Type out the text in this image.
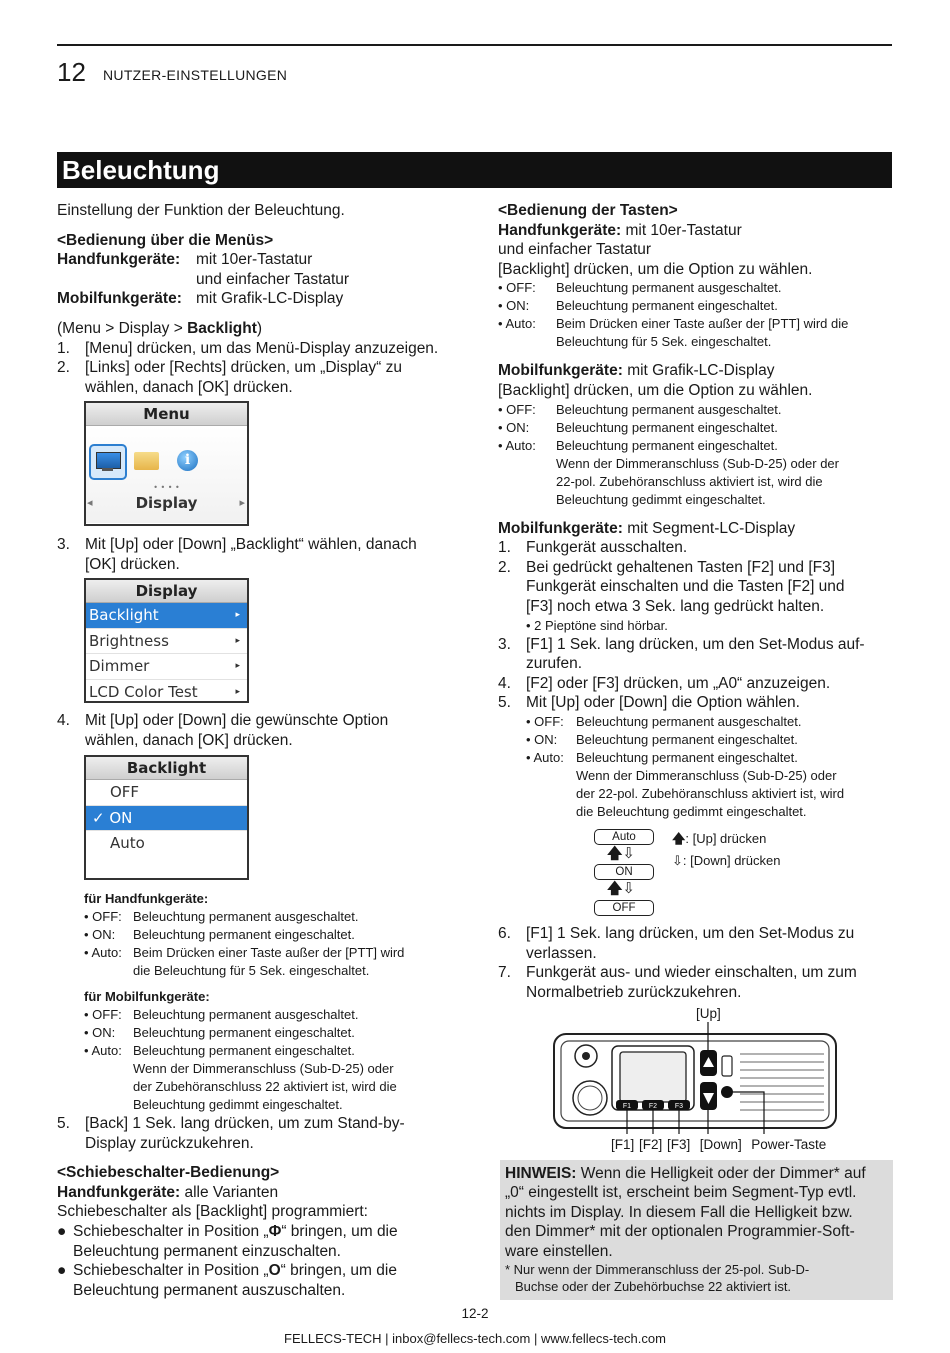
12 NUTZER-EINSTELLUNGEN
Beleuchtung

Einstellung der Funktion der Beleuchtung.

<Bedienung über die Menüs>

Handfunkgeräte:	mit 10er-Tastatur
und einfacher Tastatur
Mobilfunkgeräte: mit Grafik-LC-Display

(Menu > Display > Backlight)

1. [Menu] drücken, um das Menü-Display anzuzeigen.
2. [Links] oder [Rechts] drücken, um „Display“ zu
wählen, danach [OK] drücken.
Menu
i
• • • •
◂	Display	▸
3. Mit [Up] oder [Down] „Backlight“ wählen, danach
[OK] drücken.
Display
Backlight	▸
Brightness	▸
Dimmer	▸
LCD Color Test	▸
4. Mit [Up] oder [Down] die gewünschte Option
wählen, danach [OK] drücken.
Backlight
OFF
✓ ON
Auto
für Handfunkgeräte:
• OFF: Beleuchtung permanent ausgeschaltet.
• ON:	Beleuchtung permanent eingeschaltet.
• Auto: Beim Drücken einer Taste außer der [PTT] wird
die Beleuchtung für 5 Sek. eingeschaltet.
für Mobilfunkgeräte:
• OFF: Beleuchtung permanent ausgeschaltet.
• ON:	Beleuchtung permanent eingeschaltet.
• Auto: Beleuchtung permanent eingeschaltet.
Wenn der Dimmeranschluss (Sub-D-25) oder
der Zubehöranschluss 22 aktiviert ist, wird die
Beleuchtung gedimmt eingeschaltet.
5. [Back] 1 Sek. lang drücken, um zum Stand-by-
Display zurückzukehren.

<Schiebeschalter-Bedienung>

Handfunkgeräte: alle Varianten

Schiebeschalter als [Backlight] programmiert:

● Schiebeschalter in Position „Φ“ bringen, um die
Beleuchtung permanent einzuschalten.
● Schiebeschalter in Position „O“ bringen, um die
Beleuchtung permanent auszuschalten.

<Bedienung der Tasten>

Handfunkgeräte: mit 10er-Tastatur

und einfacher Tastatur

[Backlight] drücken, um die Option zu wählen.

• OFF:	Beleuchtung permanent ausgeschaltet.
• ON:	Beleuchtung permanent eingeschaltet.
• Auto:	Beim Drücken einer Taste außer der [PTT] wird die
Beleuchtung für 5 Sek. eingeschaltet.

Mobilfunkgeräte: mit Grafik-LC-Display

[Backlight] drücken, um die Option zu wählen.

• OFF:	Beleuchtung permanent ausgeschaltet.
• ON:	Beleuchtung permanent eingeschaltet.
• Auto:	Beleuchtung permanent eingeschaltet.
Wenn der Dimmeranschluss (Sub-D-25) oder der
22-pol. Zubehöranschluss aktiviert ist, wird die
Beleuchtung gedimmt eingeschaltet.

Mobilfunkgeräte: mit Segment-LC-Display

1. Funkgerät ausschalten.
2. Bei gedrückt gehaltenen Tasten [F2] und [F3]
Funkgerät einschalten und die Tasten [F2] und
[F3] noch etwa 3 Sek. lang gedrückt halten.
• 2 Pieptöne sind hörbar.
3. [F1] 1 Sek. lang drücken, um den Set-Modus auf-
zurufen.
4. [F2] oder [F3] drücken, um „A0“ anzuzeigen.
5. Mit [Up] oder [Down] die Option wählen.
• OFF: Beleuchtung permanent ausgeschaltet.
• ON:	Beleuchtung permanent eingeschaltet.
• Auto: Beleuchtung permanent eingeschaltet.
Wenn der Dimmeranschluss (Sub-D-25) oder
der 22-pol. Zubehöranschluss aktiviert ist, wird
die Beleuchtung gedimmt eingeschaltet.
Auto
🡅⇩
ON
🡅⇩
OFF
🡅: [Up] drücken
⇩: [Down] drücken
6. [F1] 1 Sek. lang drücken, um den Set-Modus zu
verlassen.
7. Funkgerät aus- und wieder einschalten, um zum
Normalbetrieb zurückzukehren.
[Up]
F1	F2	F3
[F1] [F2] [F3]  [Down]  Power-Taste
HINWEIS: Wenn die Helligkeit oder der Dimmer* auf
„0“ eingestellt ist, erscheint beim Segment-Typ evtl.
nichts im Display. In diesem Fall die Helligkeit bzw.
den Dimmer* mit der optionalen Programmier-Soft-
ware einstellen.
* Nur wenn der Dimmeranschluss der 25-pol. Sub-D-
Buchse oder der Zubehörbuchse 22 aktiviert ist.
12-2
FELLECS-TECH | inbox@fellecs-tech.com | www.fellecs-tech.com
